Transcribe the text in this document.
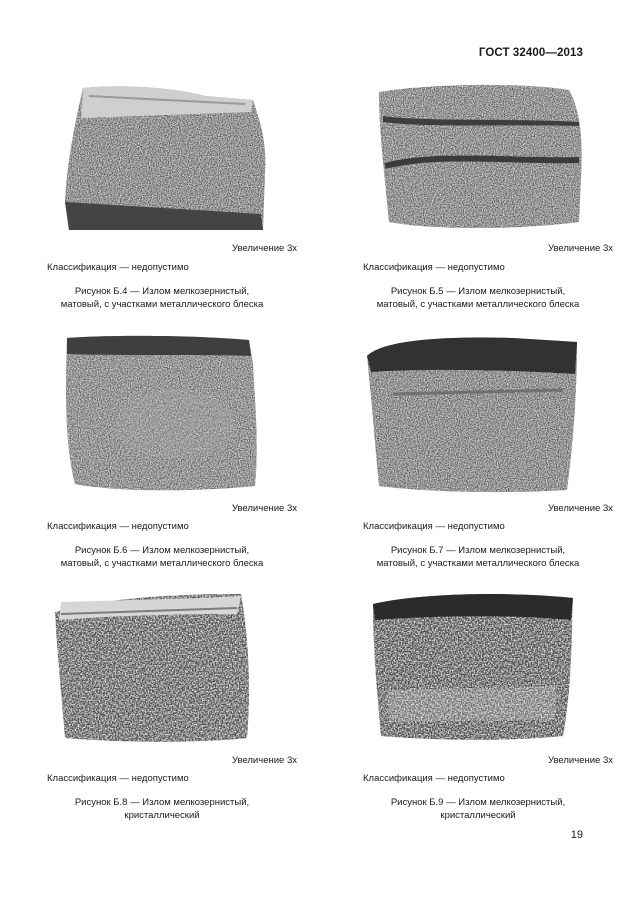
ГОСТ 32400—2013
Увеличение 3х
Классификация — недопустимо
Рисунок Б.4 — Излом мелкозернистый,
матовый, с участками металлического блеска
Увеличение 3х
Классификация — недопустимо
Рисунок Б.5 — Излом мелкозернистый,
матовый, с участками металлического блеска
Увеличение 3х
Классификация — недопустимо
Рисунок Б.6 — Излом мелкозернистый,
матовый, с участками металлического блеска
Увеличение 3х
Классификация — недопустимо
Рисунок Б.7 — Излом мелкозернистый,
матовый, с участками металлического блеска
Увеличение 3х
Классификация — недопустимо
Рисунок Б.8 — Излом мелкозернистый,
кристаллический
Увеличение 3х
Классификация — недопустимо
Рисунок Б.9 — Излом мелкозернистый,
кристаллический
19
